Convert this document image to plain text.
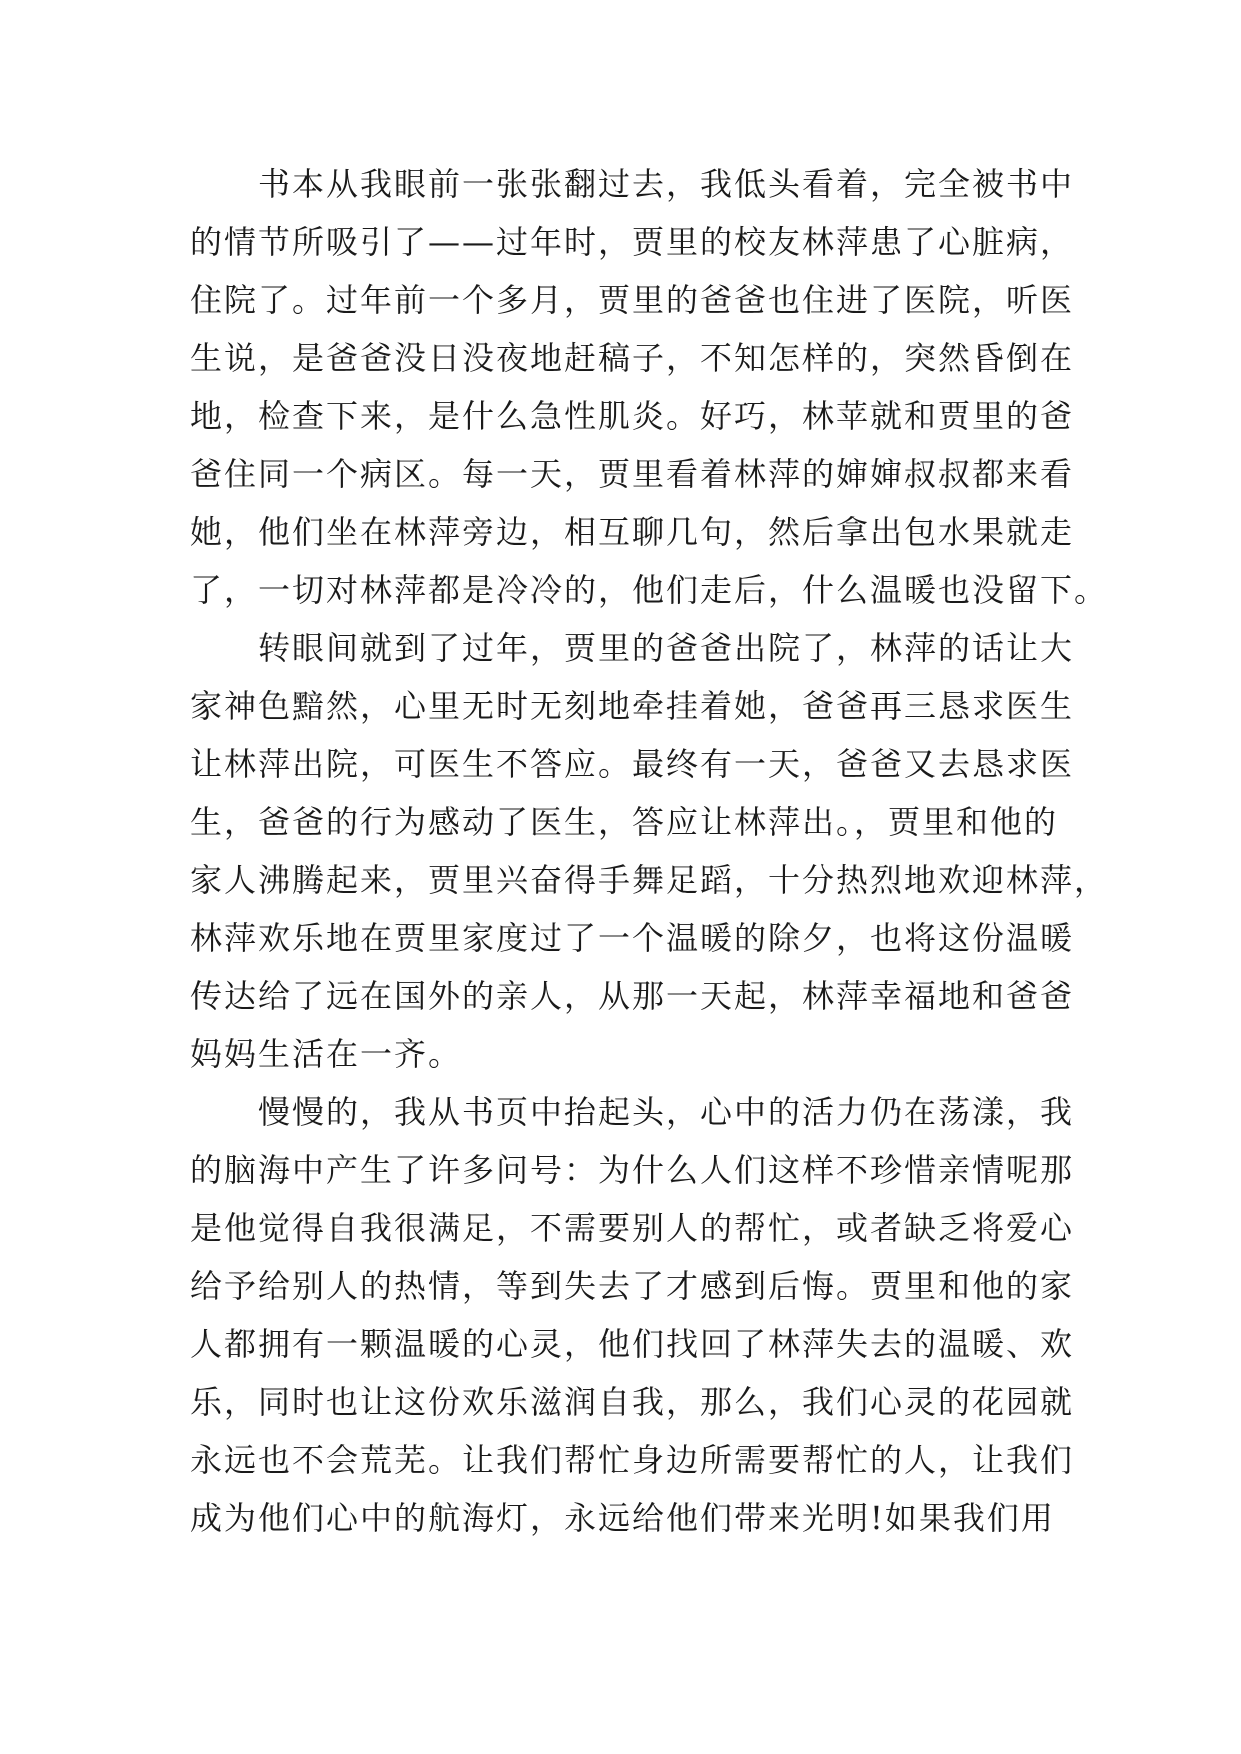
　　书本从我眼前一张张翻过去，我低头看着，完全被书中
的情节所吸引了——过年时，贾里的校友林萍患了心脏病，
住院了。过年前一个多月，贾里的爸爸也住进了医院，听医
生说，是爸爸没日没夜地赶稿子，不知怎样的，突然昏倒在
地，检查下来，是什么急性肌炎。好巧，林苹就和贾里的爸
爸住同一个病区。每一天，贾里看着林萍的婶婶叔叔都来看
她，他们坐在林萍旁边，相互聊几句，然后拿出包水果就走
了，一切对林萍都是冷冷的，他们走后，什么温暖也没留下。
　　转眼间就到了过年，贾里的爸爸出院了，林萍的话让大
家神色黯然，心里无时无刻地牵挂着她，爸爸再三恳求医生
让林萍出院，可医生不答应。最终有一天，爸爸又去恳求医
生，爸爸的行为感动了医生，答应让林萍出。，贾里和他的
家人沸腾起来，贾里兴奋得手舞足蹈，十分热烈地欢迎林萍，
林萍欢乐地在贾里家度过了一个温暖的除夕，也将这份温暖
传达给了远在国外的亲人，从那一天起，林萍幸福地和爸爸
妈妈生活在一齐。
　　慢慢的，我从书页中抬起头，心中的活力仍在荡漾，我
的脑海中产生了许多问号：为什么人们这样不珍惜亲情呢那
是他觉得自我很满足，不需要别人的帮忙，或者缺乏将爱心
给予给别人的热情，等到失去了才感到后悔。贾里和他的家
人都拥有一颗温暖的心灵，他们找回了林萍失去的温暖、欢
乐，同时也让这份欢乐滋润自我，那么，我们心灵的花园就
永远也不会荒芜。让我们帮忙身边所需要帮忙的人，让我们
成为他们心中的航海灯，永远给他们带来光明!如果我们用
